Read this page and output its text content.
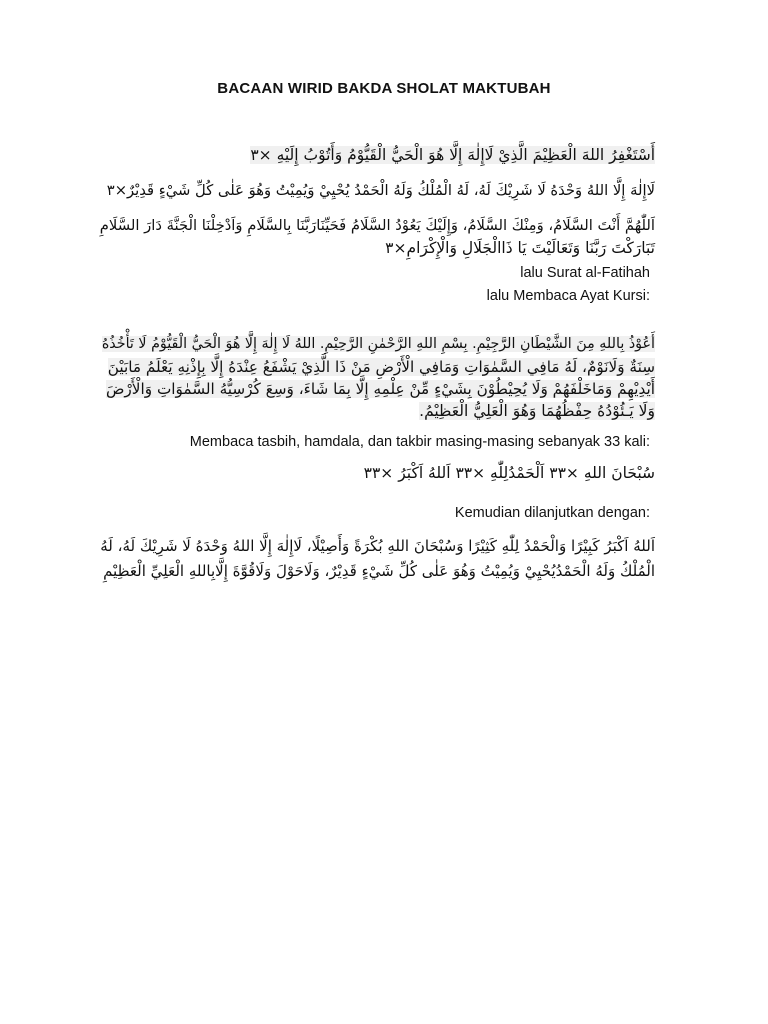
BACAAN WIRID BAKDA SHOLAT MAKTUBAH
أَسْتَغْفِرُ اللهَ الْعَظِيْمَ الَّذِيْ لَاإِلٰهَ إِلَّا هُوَ الْحَيُّ الْقَيُّوْمُ وَأَتُوْبُ إِلَيْهِ ×٣
لَاإِلٰهَ إِلَّا اللهُ وَحْدَهُ لَا شَرِيْكَ لَهُ، لَهُ الْمُلْكُ وَلَهُ الْحَمْدُ يُحْيِيْ وَيُمِيْتُ وَهُوَ عَلٰى كُلِّ شَيْءٍ قَدِيْرٌ×٣
اَللّٰهُمَّ أَنْتَ السَّلَامُ، وَمِنْكَ السَّلَامُ، وَإِلَيْكَ يَعُوْدُ السَّلَامُ فَحَيِّنَارَبَّنَا بِالسَّلَامِ وَاَدْخِلْنَا الْجَنَّةَ دَارَ السَّلَامِ
تَبَارَكْتَ رَبَّنَا وَتَعَالَيْتَ يَا ذَاالْجَلَالِ وَالْإِكْرَامِ×٣
lalu Surat al-Fatihah
lalu Membaca Ayat Kursi:
أَعُوْذُ بِاللهِ مِنَ الشَّيْطَانِ الرَّجِيْمِ. بِسْمِ اللهِ الرَّحْمٰنِ الرَّحِيْمِ. اللهُ لَا إِلٰهَ إِلَّا هُوَ الْحَيُّ الْقَيُّوْمُ لَا تَأْخُذُهُ
سِنَةٌ وَلَانَوْمٌ، لَهُ مَافِي السَّمٰوَاتِ وَمَافِي الْأَرْضِ مَنْ ذَا الَّذِيْ يَشْفَعُ عِنْدَهُ إِلَّا بِإِذْنِهِ يَعْلَمُ مَابَيْنَ
أَيْدِيْهِمْ وَمَاخَلْفَهُمْ وَلَا يُحِيْطُوْنَ بِشَيْءٍ مِّنْ عِلْمِهِ إِلَّا بِمَا شَاءَ، وَسِعَ كُرْسِيُّهُ السَّمٰوَاتِ وَالْأَرْضَ
وَلَا يَـئُوْدُهُ حِفْظُهُمَا وَهُوَ الْعَلِيُّ الْعَظِيْمُ.
Membaca tasbih, hamdala, dan takbir masing-masing sebanyak 33 kali:
سُبْحَانَ اللهِ ×٣٣ اَلْحَمْدُلِلّٰهِ ×٣٣ اَللهُ اَكْبَرُ ×٣٣
Kemudian dilanjutkan dengan:
اَللهُ اَكْبَرُ كَبِيْرًا وَالْحَمْدُ لِلّٰهِ كَثِيْرًا وَسُبْحَانَ اللهِ بُكْرَةً وَأَصِيْلًا، لَاإِلٰهَ إِلَّا اللهُ وَحْدَهُ لَا شَرِيْكَ لَهُ، لَهُ
الْمُلْكُ وَلَهُ الْحَمْدُيُحْيِيْ وَيُمِيْتُ وَهُوَ عَلٰى كُلِّ شَيْءٍ قَدِيْرٌ، وَلَاحَوْلَ وَلَاقُوَّةَ إِلَّابِاللهِ الْعَلِيِّ الْعَظِيْمِ
